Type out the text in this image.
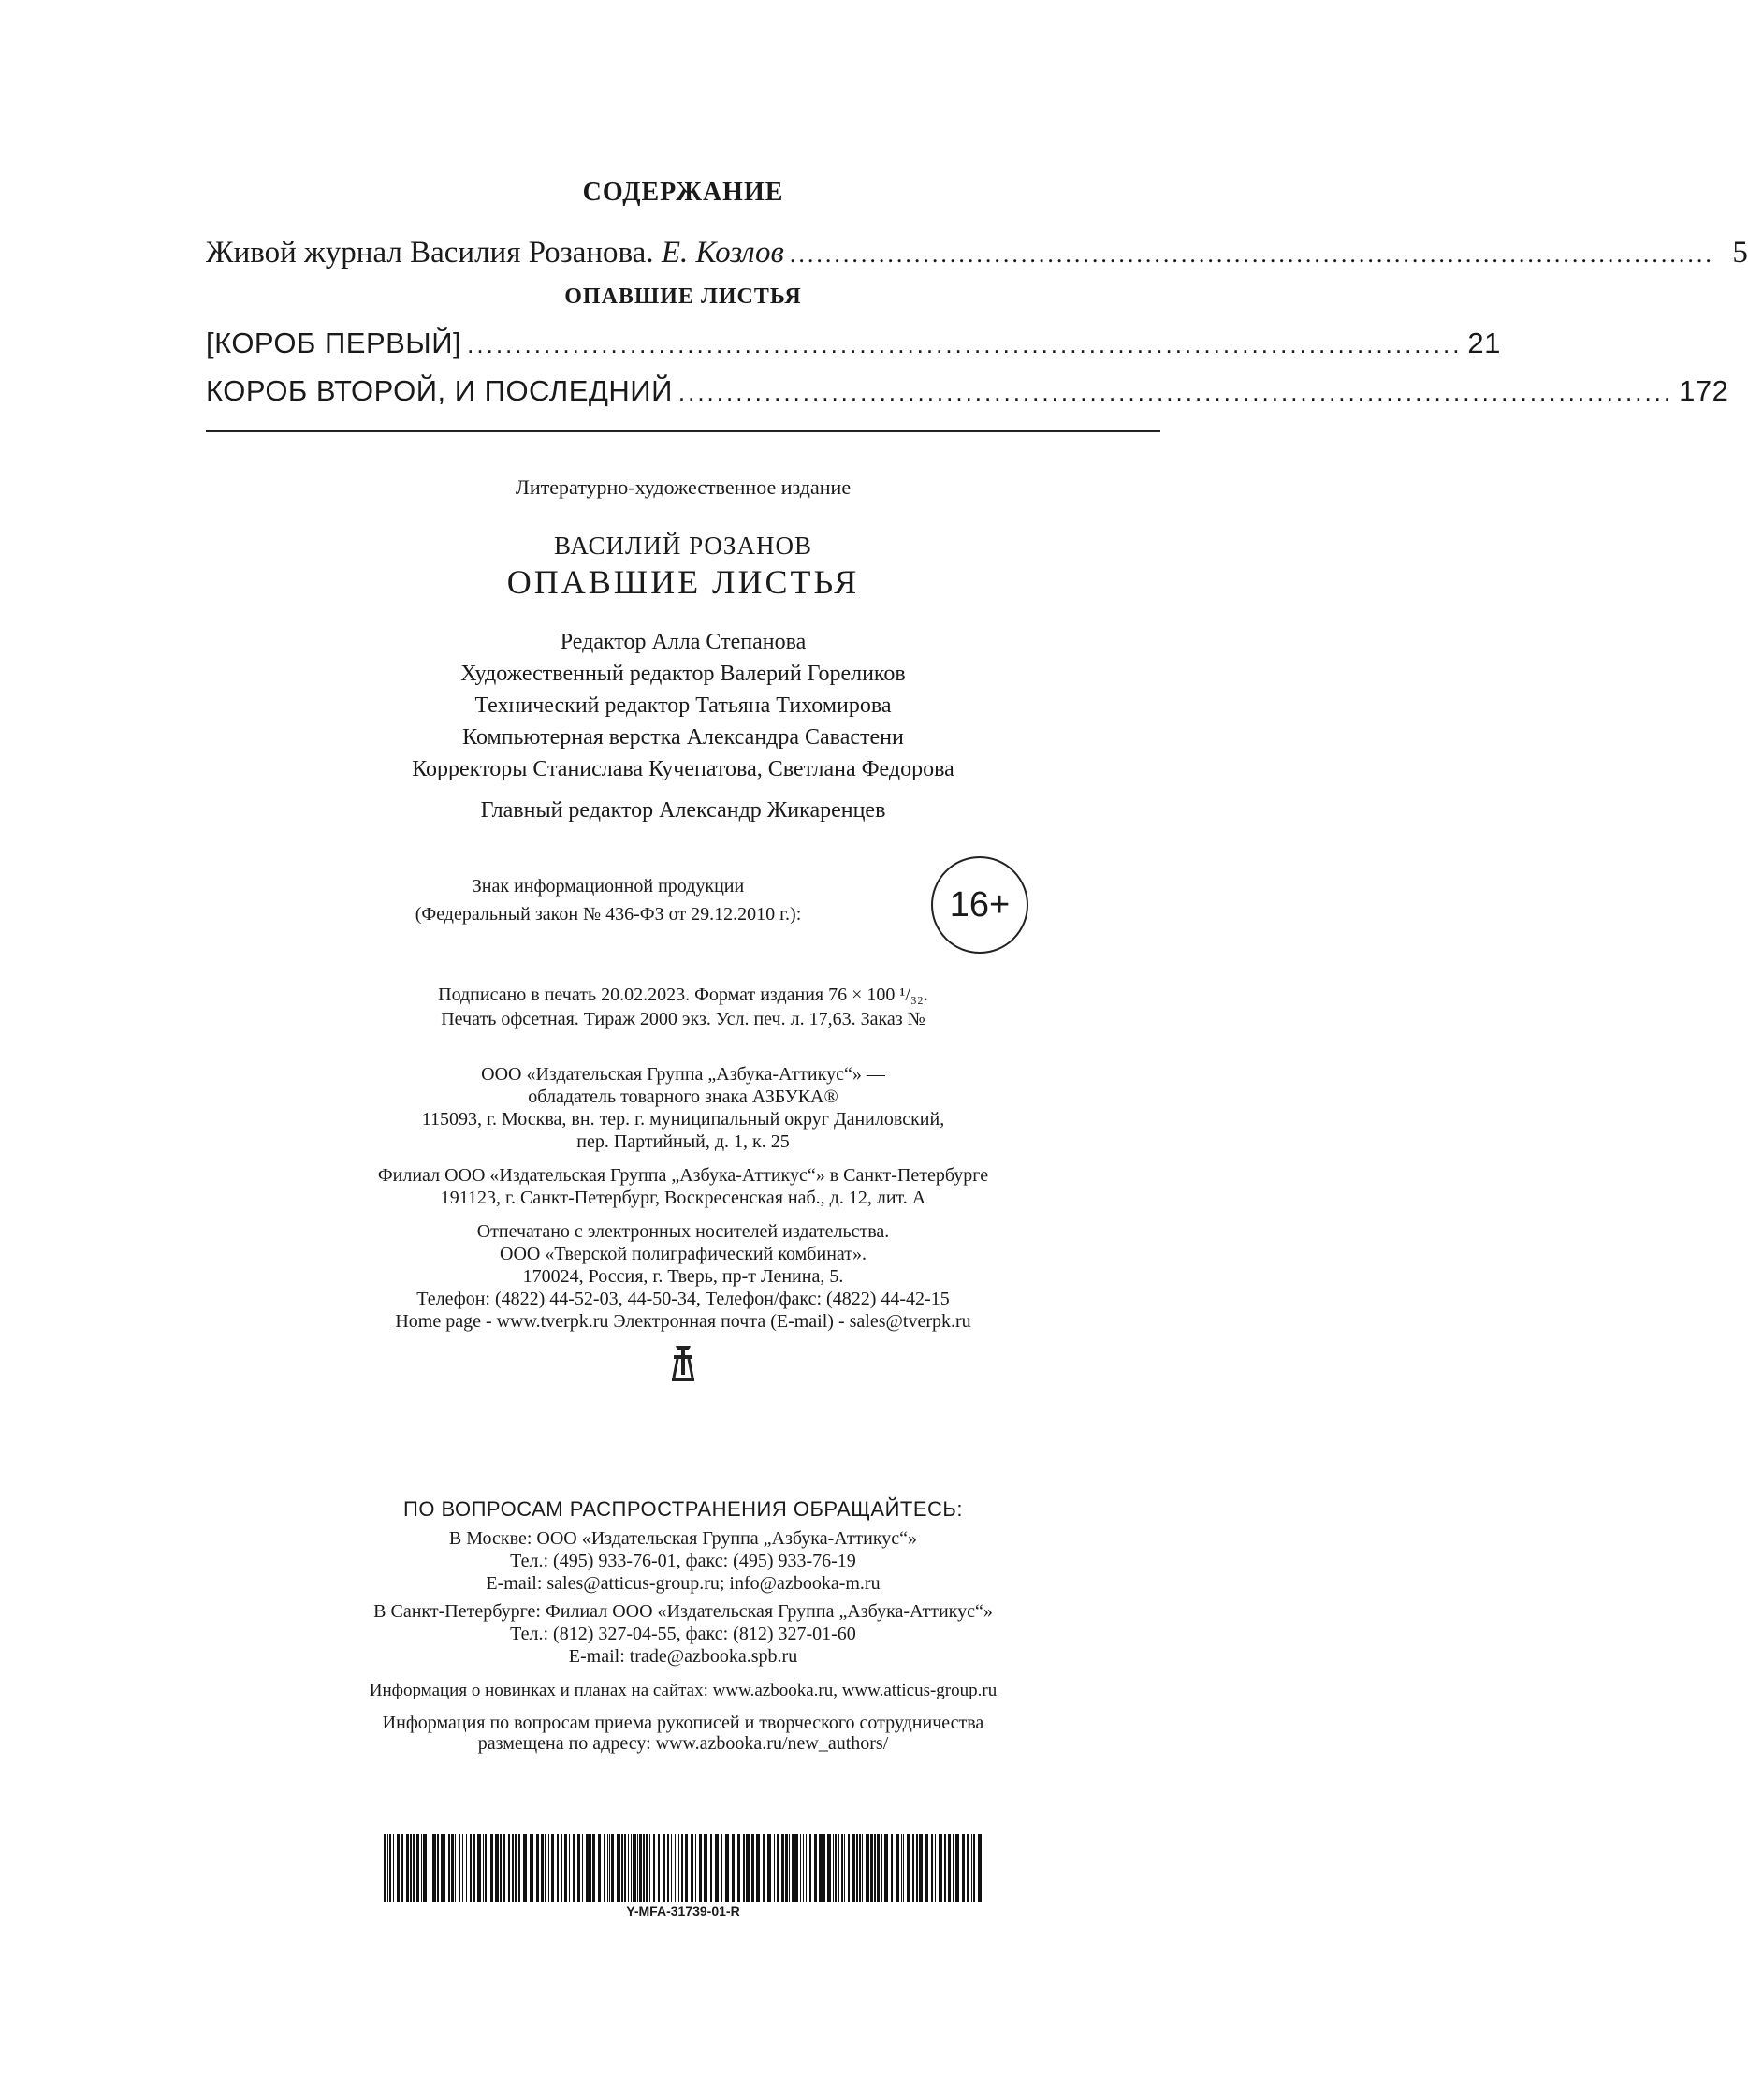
СОДЕРЖАНИЕ
Живой журнал Василия Розанова. Е. Козлов ........................................................................................................ 5
ОПАВШИЕ ЛИСТЬЯ
[КОРОБ ПЕРВЫЙ] ........................................................................................................ 21
КОРОБ ВТОРОЙ, И ПОСЛЕДНИЙ ........................................................................................................ 172
Литературно-художественное издание
ВАСИЛИЙ РОЗАНОВ
ОПАВШИЕ ЛИСТЬЯ
Редактор Алла Степанова
Художественный редактор Валерий Гореликов
Технический редактор Татьяна Тихомирова
Компьютерная верстка Александра Савастени
Корректоры Станислава Кучепатова, Светлана Федорова
Главный редактор Александр Жикаренцев
Знак информационной продукции
(Федеральный закон № 436-ФЗ от 29.12.2010 г.):	16+
Подписано в печать 20.02.2023. Формат издания 76 × 100 ¹/₃₂.
Печать офсетная. Тираж 2000 экз. Усл. печ. л. 17,63. Заказ №
ООО «Издательская Группа „Азбука-Аттикус“» —
обладатель товарного знака АЗБУКА®
115093, г. Москва, вн. тер. г. муниципальный округ Даниловский,
пер. Партийный, д. 1, к. 25
Филиал ООО «Издательская Группа „Азбука-Аттикус“» в Санкт-Петербурге
191123, г. Санкт-Петербург, Воскресенская наб., д. 12, лит. А
Отпечатано с электронных носителей издательства.
ООО «Тверской полиграфический комбинат».
170024, Россия, г. Тверь, пр-т Ленина, 5.
Телефон: (4822) 44-52-03, 44-50-34, Телефон/факс: (4822) 44-42-15
Home page - www.tverpk.ru Электронная почта (E-mail) - sales@tverpk.ru
ПО ВОПРОСАМ РАСПРОСТРАНЕНИЯ ОБРАЩАЙТЕСЬ:
В Москве: ООО «Издательская Группа „Азбука-Аттикус“»
Тел.: (495) 933-76-01, факс: (495) 933-76-19
E-mail: sales@atticus-group.ru; info@azbooka-m.ru
В Санкт-Петербурге: Филиал ООО «Издательская Группа „Азбука-Аттикус“»
Тел.: (812) 327-04-55, факс: (812) 327-01-60
E-mail: trade@azbooka.spb.ru
Информация о новинках и планах на сайтах: www.azbooka.ru, www.atticus-group.ru
Информация по вопросам приема рукописей и творческого сотрудничества
размещена по адресу: www.azbooka.ru/new_authors/
Y-MFA-31739-01-R
